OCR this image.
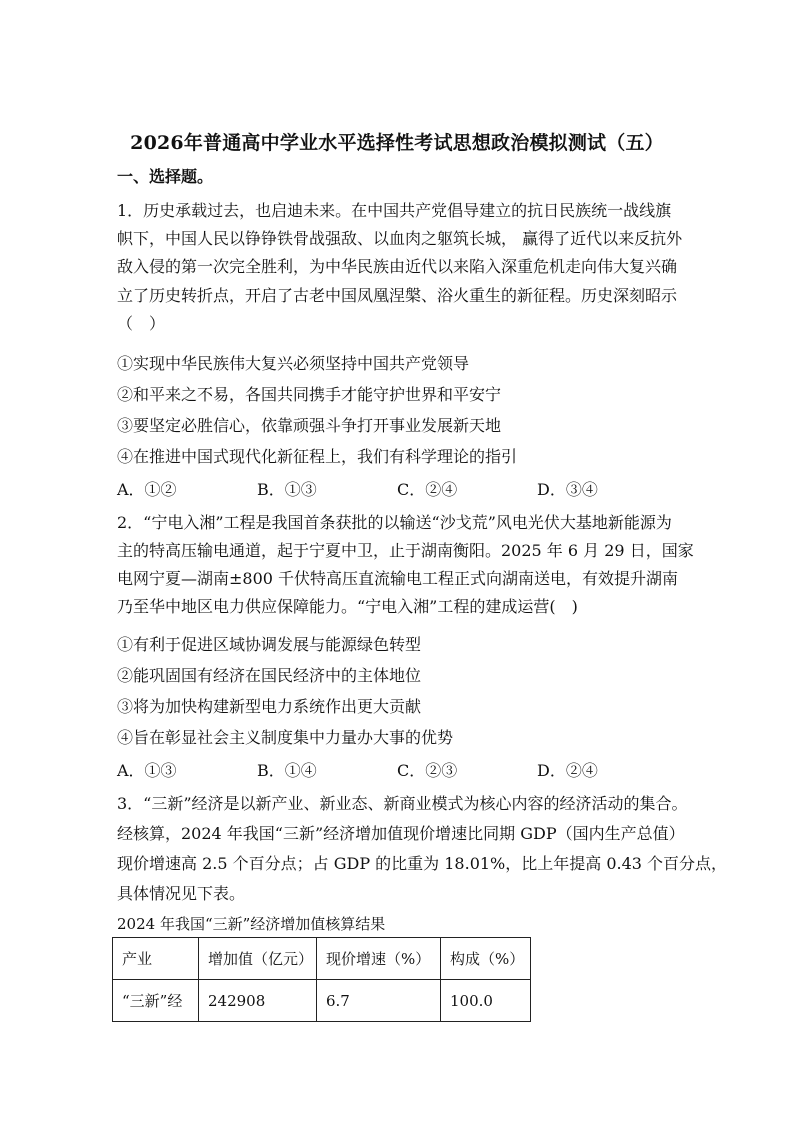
2026年普通高中学业水平选择性考试思想政治模拟测试（五）
一、选择题。
1．历史承载过去，也启迪未来。在中国共产党倡导建立的抗日民族统一战线旗
帜下，中国人民以铮铮铁骨战强敌、以血肉之躯筑长城， 赢得了近代以来反抗外
敌入侵的第一次完全胜利，为中华民族由近代以来陷入深重危机走向伟大复兴确
立了历史转折点，开启了古老中国凤凰涅槃、浴火重生的新征程。历史深刻昭示
（　）
①实现中华民族伟大复兴必须坚持中国共产党领导
②和平来之不易，各国共同携手才能守护世界和平安宁
③要坚定必胜信心，依靠顽强斗争打开事业发展新天地
④在推进中国式现代化新征程上，我们有科学理论的指引
A．①②	B．①③	C．②④	D．③④
2．“宁电入湘”工程是我国首条获批的以输送“沙戈荒”风电光伏大基地新能源为
主的特高压输电通道，起于宁夏中卫，止于湖南衡阳。2025 年 6 月 29 日，国家
电网宁夏—湖南±800 千伏特高压直流输电工程正式向湖南送电，有效提升湖南
乃至华中地区电力供应保障能力。“宁电入湘”工程的建成运营(　)
①有利于促进区域协调发展与能源绿色转型
②能巩固国有经济在国民经济中的主体地位
③将为加快构建新型电力系统作出更大贡献
④旨在彰显社会主义制度集中力量办大事的优势
A．①③	B．①④	C．②③	D．②④
3．“三新”经济是以新产业、新业态、新商业模式为核心内容的经济活动的集合。
经核算，2024 年我国“三新”经济增加值现价增速比同期 GDP（国内生产总值）
现价增速高 2.5 个百分点；占 GDP 的比重为 18.01%，比上年提高 0.43 个百分点，
具体情况见下表。
2024 年我国“三新”经济增加值核算结果
产业	增加值（亿元）	现价增速（%）	构成（%）
“三新”经	242908	6.7	100.0
